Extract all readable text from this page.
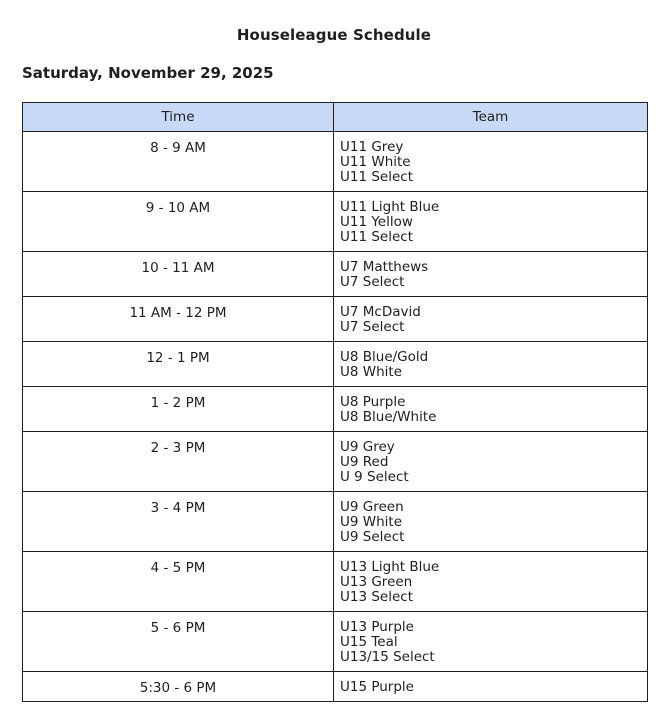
Houseleague Schedule
Saturday, November 29, 2025
Time	Team
8 - 9 AM	U11 Grey
U11 White
U11 Select

9 - 10 AM	U11 Light Blue
U11 Yellow
U11 Select

10 - 11 AM	U7 Matthews
U7 Select

11 AM - 12 PM	U7 McDavid
U7 Select

12 - 1 PM	U8 Blue/Gold
U8 White

1 - 2 PM	U8 Purple
U8 Blue/White

2 - 3 PM	U9 Grey
U9 Red
U 9 Select

3 - 4 PM	U9 Green
U9 White
U9 Select

4 - 5 PM	U13 Light Blue
U13 Green
U13 Select

5 - 6 PM	U13 Purple
U15 Teal
U13/15 Select

5:30 - 6 PM	U15 Purple
